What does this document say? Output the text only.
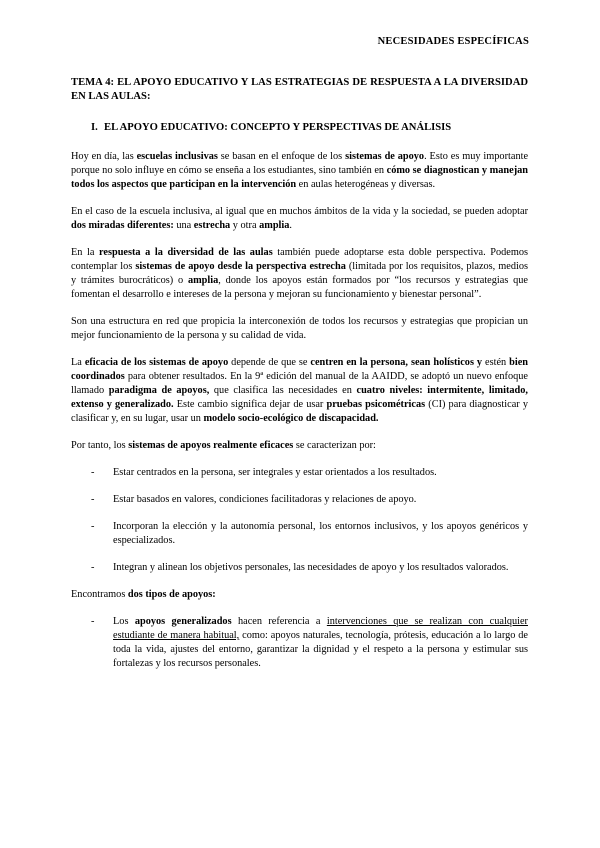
NECESIDADES ESPECÍFICAS
TEMA 4: EL APOYO EDUCATIVO Y LAS ESTRATEGIAS DE RESPUESTA A LA DIVERSIDAD EN LAS AULAS:
I. EL APOYO EDUCATIVO: CONCEPTO Y PERSPECTIVAS DE ANÁLISIS

Hoy en día, las escuelas inclusivas se basan en el enfoque de los sistemas de apoyo. Esto es muy importante porque no solo influye en cómo se enseña a los estudiantes, sino también en cómo se diagnostican y manejan todos los aspectos que participan en la intervención en aulas heterogéneas y diversas.

En el caso de la escuela inclusiva, al igual que en muchos ámbitos de la vida y la sociedad, se pueden adoptar dos miradas diferentes: una estrecha y otra amplia.

En la respuesta a la diversidad de las aulas también puede adoptarse esta doble perspectiva. Podemos contemplar los sistemas de apoyo desde la perspectiva estrecha (limitada por los requisitos, plazos, medios y trámites burocráticos) o amplia, donde los apoyos están formados por “los recursos y estrategias que fomentan el desarrollo e intereses de la persona y mejoran su funcionamiento y bienestar personal”.

Son una estructura en red que propicia la interconexión de todos los recursos y estrategias que propician un mejor funcionamiento de la persona y su calidad de vida.

La eficacia de los sistemas de apoyo depende de que se centren en la persona, sean holísticos y estén bien coordinados para obtener resultados. En la 9ª edición del manual de la AAIDD, se adoptó un nuevo enfoque llamado paradigma de apoyos, que clasifica las necesidades en cuatro niveles: intermitente, limitado, extenso y generalizado. Este cambio significa dejar de usar pruebas psicométricas (CI) para diagnosticar y clasificar y, en su lugar, usar un modelo socio-ecológico de discapacidad.

Por tanto, los sistemas de apoyos realmente eficaces se caracterizan por:

-	Estar centrados en la persona, ser integrales y estar orientados a los resultados.
-	Estar basados en valores, condiciones facilitadoras y relaciones de apoyo.
-	Incorporan la elección y la autonomía personal, los entornos inclusivos, y los apoyos genéricos y especializados.
-	Integran y alinean los objetivos personales, las necesidades de apoyo y los resultados valorados.

Encontramos dos tipos de apoyos:

-	Los apoyos generalizados hacen referencia a intervenciones que se realizan con cualquier estudiante de manera habitual, como: apoyos naturales, tecnología, prótesis, educación a lo largo de toda la vida, ajustes del entorno, garantizar la dignidad y el respeto a la persona y estimular sus fortalezas y los recursos personales.
